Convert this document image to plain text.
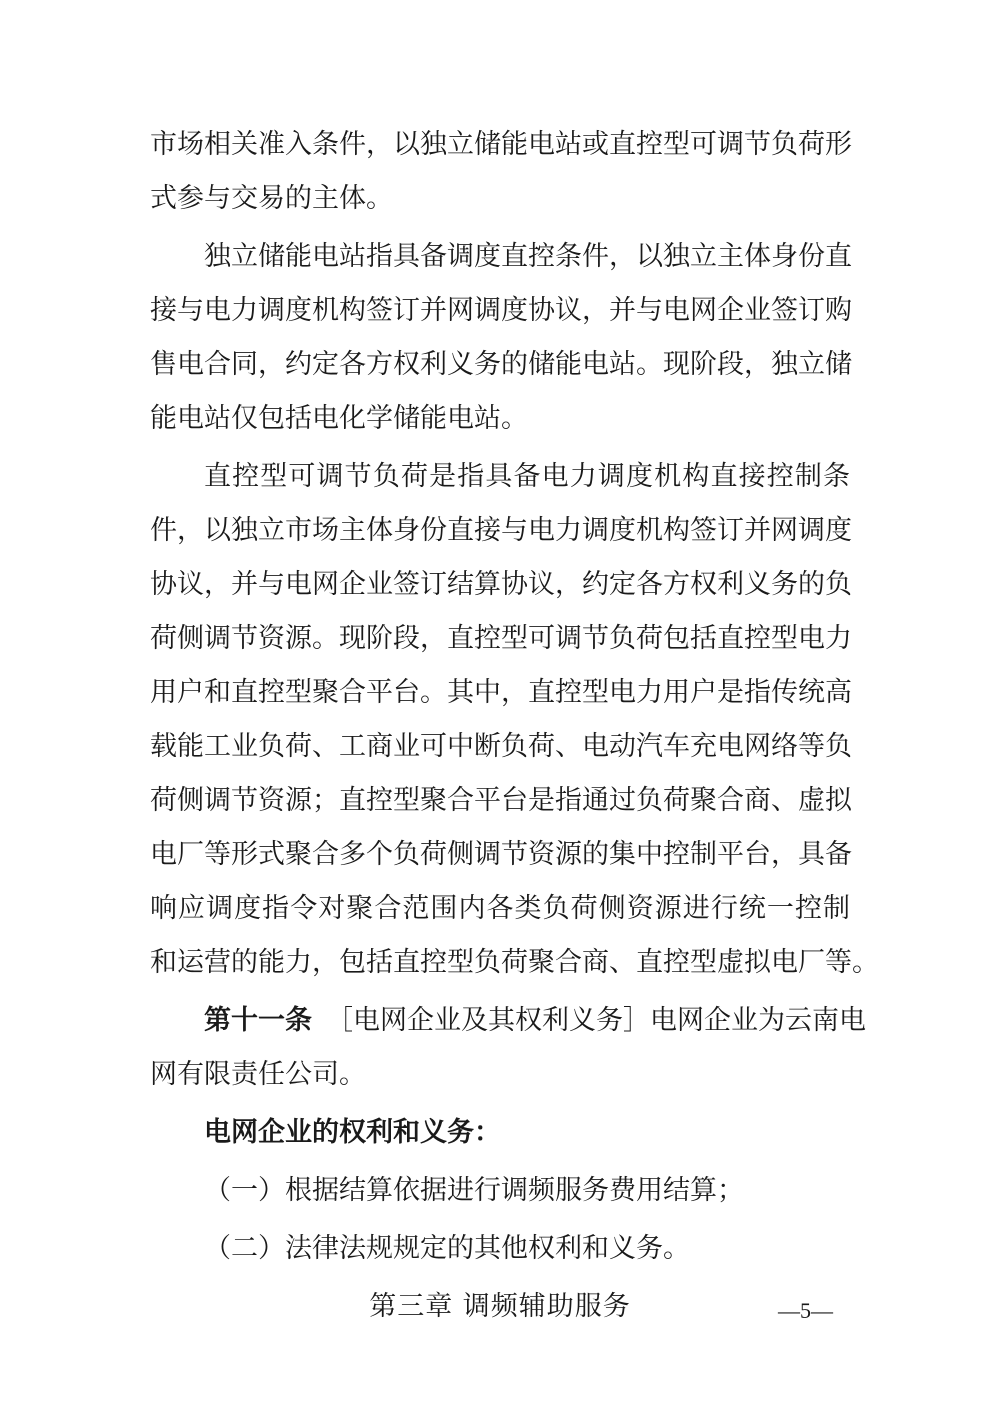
市场相关准入条件，以独立储能电站或直控型可调节负荷形
式参与交易的主体。
独立储能电站指具备调度直控条件，以独立主体身份直
接与电力调度机构签订并网调度协议，并与电网企业签订购
售电合同，约定各方权利义务的储能电站。现阶段，独立储
能电站仅包括电化学储能电站。
直控型可调节负荷是指具备电力调度机构直接控制条
件，以独立市场主体身份直接与电力调度机构签订并网调度
协议，并与电网企业签订结算协议，约定各方权利义务的负
荷侧调节资源。现阶段，直控型可调节负荷包括直控型电力
用户和直控型聚合平台。其中，直控型电力用户是指传统高
载能工业负荷、工商业可中断负荷、电动汽车充电网络等负
荷侧调节资源；直控型聚合平台是指通过负荷聚合商、虚拟
电厂等形式聚合多个负荷侧调节资源的集中控制平台，具备
响应调度指令对聚合范围内各类负荷侧资源进行统一控制
和运营的能力，包括直控型负荷聚合商、直控型虚拟电厂等。
第十一条 ［电网企业及其权利义务］电网企业为云南电
网有限责任公司。
电网企业的权利和义务：
（一）根据结算依据进行调频服务费用结算；
（二）法律法规规定的其他权利和义务。
第三章 调频辅助服务	—5—
